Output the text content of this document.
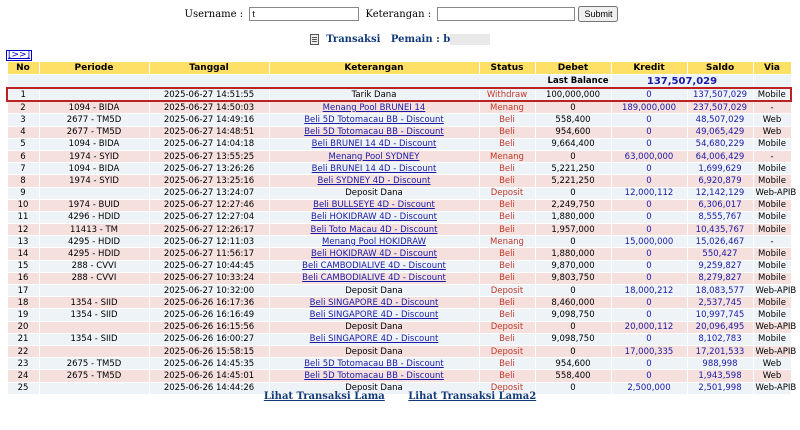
Username : t	Keterangan :	Submit
Transaksi Pemain : b
[>>]
No	Periode	Tanggal	Keterangan	Status	Debet	Kredit	Saldo	Via
Last Balance						137,507,029		
1		2025-06-27 14:51:55	Tarik Dana	Withdraw	100,000,000	0	137,507,029	Mobile
2	1094 - BIDA	2025-06-27 14:50:03	Menang Pool BRUNEI 14	Menang	0	189,000,000	237,507,029	-
3	2677 - TM5D	2025-06-27 14:49:16	Beli 5D Totomacau BB - Discount	Beli	558,400	0	48,507,029	Web
4	2677 - TM5D	2025-06-27 14:48:51	Beli 5D Totomacau BB - Discount	Beli	954,600	0	49,065,429	Web
5	1094 - BIDA	2025-06-27 14:04:18	Beli BRUNEI 14 4D - Discount	Beli	9,664,400	0	54,680,229	Mobile
6	1974 - SYID	2025-06-27 13:55:25	Menang Pool SYDNEY	Menang	0	63,000,000	64,006,429	-
7	1094 - BIDA	2025-06-27 13:26:26	Beli BRUNEI 14 4D - Discount	Beli	5,221,250	0	1,699,629	Mobile
8	1974 - SYID	2025-06-27 13:25:16	Beli SYDNEY 4D - Discount	Beli	5,221,250	0	6,920,879	Mobile
9		2025-06-27 13:24:07	Deposit Dana	Deposit	0	12,000,112	12,142,129	Web-APIB
10	1974 - BUID	2025-06-27 12:27:46	Beli BULLSEYE 4D - Discount	Beli	2,249,750	0	6,306,017	Mobile
11	4296 - HDID	2025-06-27 12:27:04	Beli HOKIDRAW 4D - Discount	Beli	1,880,000	0	8,555,767	Mobile
12	11413 - TM	2025-06-27 12:26:17	Beli Toto Macau 4D - Discount	Beli	1,957,000	0	10,435,767	Mobile
13	4295 - HDID	2025-06-27 12:11:03	Menang Pool HOKIDRAW	Menang	0	15,000,000	15,026,467	-
14	4295 - HDID	2025-06-27 11:56:17	Beli HOKIDRAW 4D - Discount	Beli	1,880,000	0	550,427	Mobile
15	288 - CVVI	2025-06-27 10:44:45	Beli CAMBODIALIVE 4D - Discount	Beli	9,870,000	0	9,259,827	Mobile
16	288 - CVVI	2025-06-27 10:33:24	Beli CAMBODIALIVE 4D - Discount	Beli	9,803,750	0	8,279,827	Mobile
17		2025-06-27 10:32:00	Deposit Dana	Deposit	0	18,000,212	18,083,577	Web-APIB
18	1354 - SIID	2025-06-26 16:17:36	Beli SINGAPORE 4D - Discount	Beli	8,460,000	0	2,537,745	Mobile
19	1354 - SIID	2025-06-26 16:16:49	Beli SINGAPORE 4D - Discount	Beli	9,098,750	0	10,997,745	Mobile
20		2025-06-26 16:15:56	Deposit Dana	Deposit	0	20,000,112	20,096,495	Web-APIB
21	1354 - SIID	2025-06-26 16:00:27	Beli SINGAPORE 4D - Discount	Beli	9,098,750	0	8,102,783	Mobile
22		2025-06-26 15:58:15	Deposit Dana	Deposit	0	17,000,335	17,201,533	Web-APIB
23	2675 - TM5D	2025-06-26 14:45:35	Beli 5D Totomacau BB - Discount	Beli	954,600	0	988,998	Web
24	2675 - TM5D	2025-06-26 14:45:01	Beli 5D Totomacau BB - Discount	Beli	558,400	0	1,943,598	Web
25		2025-06-26 14:44:26	Deposit Dana	Deposit	0	2,500,000	2,501,998	Web-APIB
Lihat Transaksi Lama Lihat Transaksi Lama2
